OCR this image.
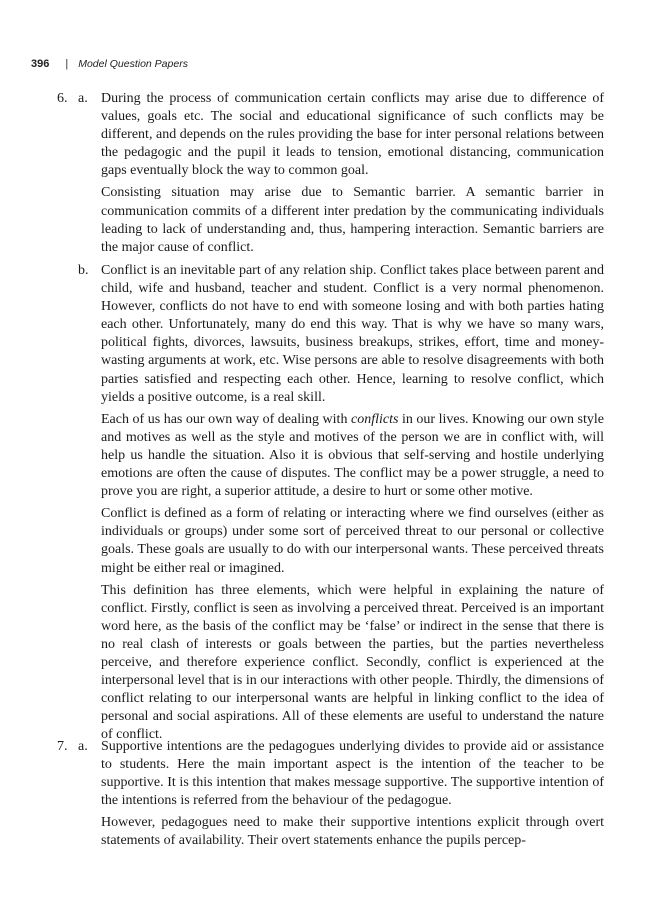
396 | Model Question Papers
6. a. During the process of communication certain conflicts may arise due to difference of values, goals etc. The social and educational significance of such conflicts may be different, and depends on the rules providing the base for inter personal relations between the pedagogic and the pupil it leads to tension, emotional distancing, communication gaps eventually block the way to common goal.

Consisting situation may arise due to Semantic barrier. A semantic barrier in communication commits of a different inter predation by the communicating individuals leading to lack of understanding and, thus, hampering interaction. Semantic barriers are the major cause of conflict.

b. Conflict is an inevitable part of any relation ship. Conflict takes place between parent and child, wife and husband, teacher and student. Conflict is a very normal phenomenon. However, conflicts do not have to end with someone losing and with both parties hating each other. Unfortunately, many do end this way. That is why we have so many wars, political fights, divorces, lawsuits, business breakups, strikes, effort, time and money-wasting arguments at work, etc. Wise persons are able to resolve disagreements with both parties satisfied and respecting each other. Hence, learning to resolve conflict, which yields a positive outcome, is a real skill.

Each of us has our own way of dealing with conflicts in our lives. Knowing our own style and motives as well as the style and motives of the person we are in conflict with, will help us handle the situation. Also it is obvious that self-serving and hostile underlying emotions are often the cause of disputes. The conflict may be a power struggle, a need to prove you are right, a superior attitude, a desire to hurt or some other motive.

Conflict is defined as a form of relating or interacting where we find ourselves (either as individuals or groups) under some sort of perceived threat to our personal or collective goals. These goals are usually to do with our interpersonal wants. These perceived threats might be either real or imagined.

This definition has three elements, which were helpful in explaining the nature of conflict. Firstly, conflict is seen as involving a perceived threat. Perceived is an important word here, as the basis of the conflict may be ‘false’ or indirect in the sense that there is no real clash of interests or goals between the parties, but the parties nevertheless perceive, and therefore experience conflict. Secondly, conflict is experienced at the interpersonal level that is in our interactions with other people. Thirdly, the dimensions of conflict relating to our interpersonal wants are helpful in linking conflict to the idea of personal and social aspirations. All of these elements are useful to understand the nature of conflict.

7. a. Supportive intentions are the pedagogues underlying divides to provide aid or assistance to students. Here the main important aspect is the intention of the teacher to be supportive. It is this intention that makes message supportive. The supportive intention of the intentions is referred from the behaviour of the pedagogue.

However, pedagogues need to make their supportive intentions explicit through overt statements of availability. Their overt statements enhance the pupils percep-
